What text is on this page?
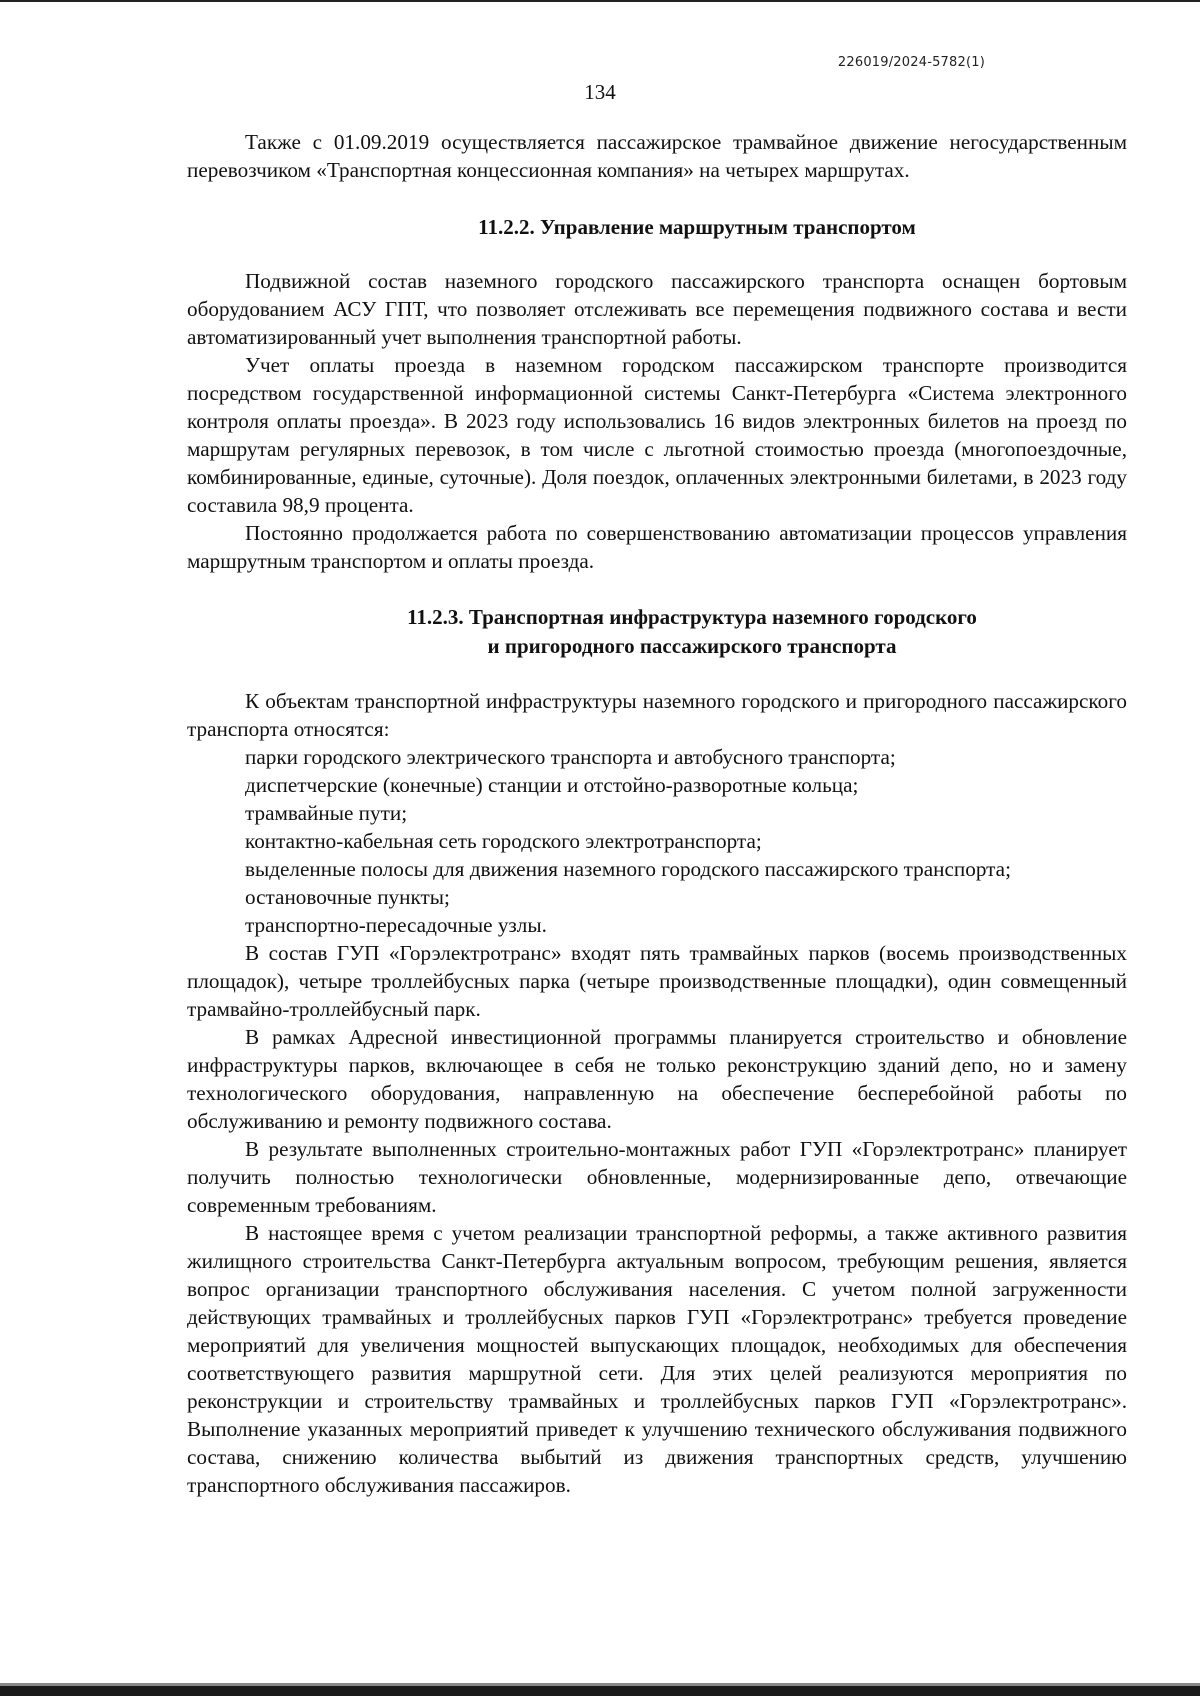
226019/2024-5782(1)
134

Также с 01.09.2019 осуществляется пассажирское трамвайное движение негосударственным перевозчиком «Транспортная концессионная компания» на четырех маршрутах.

11.2.2. Управление маршрутным транспортом

Подвижной состав наземного городского пассажирского транспорта оснащен бортовым оборудованием АСУ ГПТ, что позволяет отслеживать все перемещения подвижного состава и вести автоматизированный учет выполнения транспортной работы.

Учет оплаты проезда в наземном городском пассажирском транспорте производится посредством государственной информационной системы Санкт-Петербурга «Система электронного контроля оплаты проезда». В 2023 году использовались 16 видов электронных билетов на проезд по маршрутам регулярных перевозок, в том числе с льготной стоимостью проезда (многопоездочные, комбинированные, единые, суточные). Доля поездок, оплаченных электронными билетами, в 2023 году составила 98,9 процента.

Постоянно продолжается работа по совершенствованию автоматизации процессов управления маршрутным транспортом и оплаты проезда.

11.2.3. Транспортная инфраструктура наземного городского
и пригородного пассажирского транспорта

К объектам транспортной инфраструктуры наземного городского и пригородного пассажирского транспорта относятся:

парки городского электрического транспорта и автобусного транспорта;
диспетчерские (конечные) станции и отстойно-разворотные кольца;
трамвайные пути;
контактно-кабельная сеть городского электротранспорта;
выделенные полосы для движения наземного городского пассажирского транспорта;
остановочные пункты;
транспортно-пересадочные узлы.

В состав ГУП «Горэлектротранс» входят пять трамвайных парков (восемь производственных площадок), четыре троллейбусных парка (четыре производственные площадки), один совмещенный трамвайно-троллейбусный парк.

В рамках Адресной инвестиционной программы планируется строительство и обновление инфраструктуры парков, включающее в себя не только реконструкцию зданий депо, но и замену технологического оборудования, направленную на обеспечение бесперебойной работы по обслуживанию и ремонту подвижного состава.

В результате выполненных строительно-монтажных работ ГУП «Горэлектротранс» планирует получить полностью технологически обновленные, модернизированные депо, отвечающие современным требованиям.

В настоящее время с учетом реализации транспортной реформы, а также активного развития жилищного строительства Санкт-Петербурга актуальным вопросом, требующим решения, является вопрос организации транспортного обслуживания населения. С учетом полной загруженности действующих трамвайных и троллейбусных парков ГУП «Горэлектротранс» требуется проведение мероприятий для увеличения мощностей выпускающих площадок, необходимых для обеспечения соответствующего развития маршрутной сети. Для этих целей реализуются мероприятия по реконструкции и строительству трамвайных и троллейбусных парков ГУП «Горэлектротранс». Выполнение указанных мероприятий приведет к улучшению технического обслуживания подвижного состава, снижению количества выбытий из движения транспортных средств, улучшению транспортного обслуживания пассажиров.
